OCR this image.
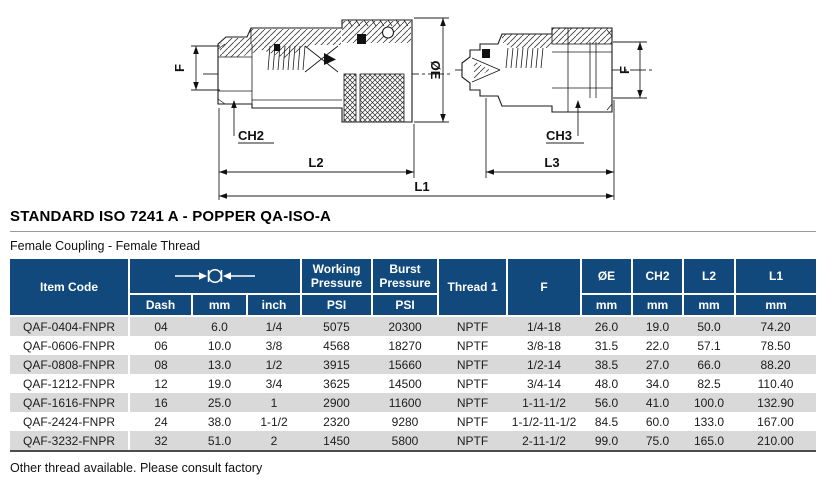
F
CH2
ØE
L2
CH3
L3
L1
F
STANDARD ISO 7241 A - POPPER QA-ISO-A
Female Coupling - Female Thread
Item Code				Working Pressure	Burst Pressure	Thread 1	F	ØE	CH2	L2	L1
	Dash	mm	inch	PSI	PSI			mm	mm	mm	mm
QAF-0404-FNPR	04	6.0	1/4	5075	20300	NPTF	1/4-18	26.0	19.0	50.0	74.20
QAF-0606-FNPR	06	10.0	3/8	4568	18270	NPTF	3/8-18	31.5	22.0	57.1	78.50
QAF-0808-FNPR	08	13.0	1/2	3915	15660	NPTF	1/2-14	38.5	27.0	66.0	88.20
QAF-1212-FNPR	12	19.0	3/4	3625	14500	NPTF	3/4-14	48.0	34.0	82.5	110.40
QAF-1616-FNPR	16	25.0	1	2900	11600	NPTF	1-11-1/2	56.0	41.0	100.0	132.90
QAF-2424-FNPR	24	38.0	1-1/2	2320	9280	NPTF	1-1/2-11-1/2	84.5	60.0	133.0	167.00
QAF-3232-FNPR	32	51.0	2	1450	5800	NPTF	2-11-1/2	99.0	75.0	165.0	210.00
Other thread available. Please consult factory
